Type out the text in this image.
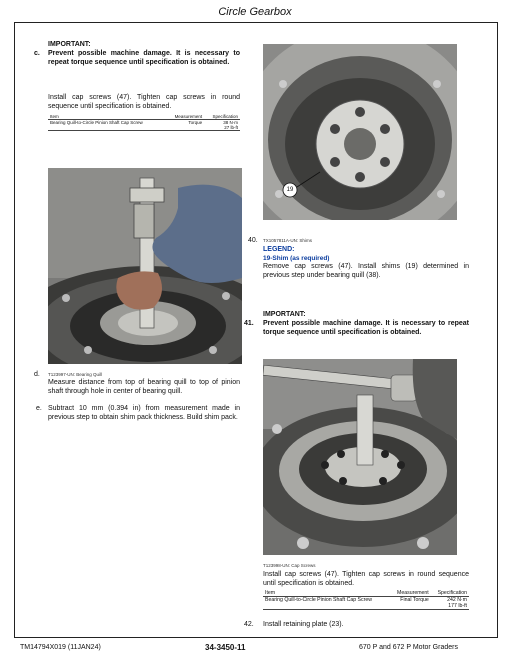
Circle Gearbox
IMPORTANT:
c. Prevent possible machine damage. It is necessary to repeat torque sequence until specification is obtained.
Install cap screws (47). Tighten cap screws in round sequence until specification is obtained.
Item	Measurement	Specification
Bearing Quill-to-Circle Pinion Shaft Cap Screw	Torque	38 N·m
27 lb-ft
T123997-UN: Bearing Quill
d.
Measure distance from top of bearing quill to top of pinion shaft through hole in center of bearing quill.
e. Subtract 10 mm (0.394 in) from measurement made in previous step to obtain shim pack thickness. Build shim pack.
19
40. TX1057811A-UN: Shims
LEGEND:
19-Shim (as required)
Remove cap screws (47). Install shims (19) determined in previous step under bearing quill (38).
IMPORTANT:
41. Prevent possible machine damage. It is necessary to repeat torque sequence until specification is obtained.
T123998-UN: Cap Screws
Install cap screws (47). Tighten cap screws in round sequence until specification is obtained.
Item	Measurement	Specification
Bearing Quill-to-Circle Pinion Shaft Cap Screw	Final Torque	242 N·m
177 lb-ft
42. Install retaining plate (23).
TM14794X019 (11JAN24)	34-3450-11	670 P and 672 P Motor Graders
